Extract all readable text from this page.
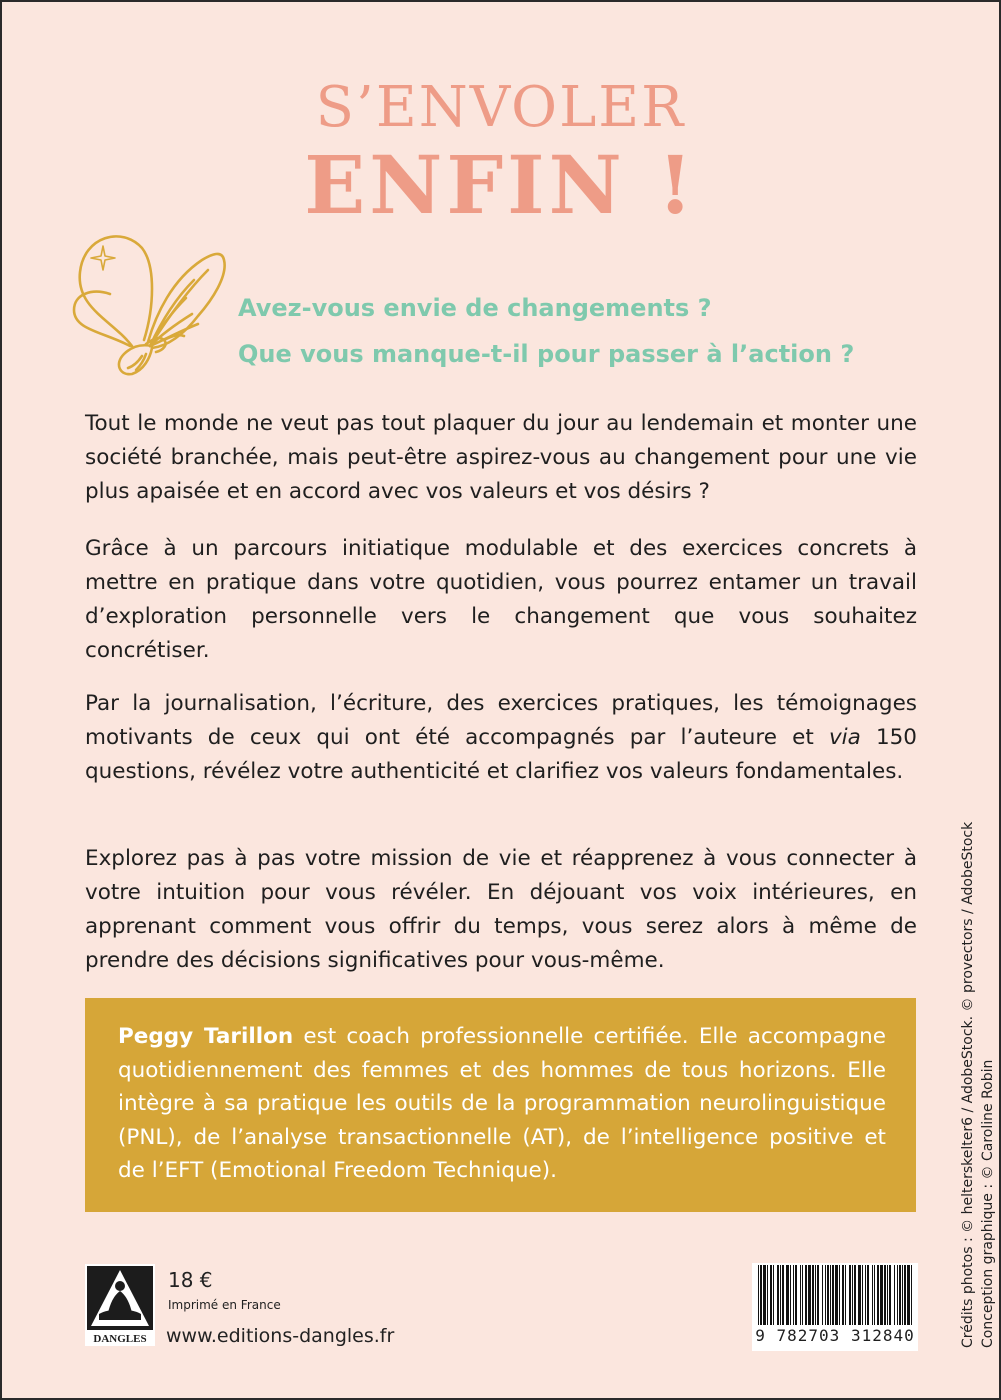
S’ENVOLER
ENFIN !
Avez-vous envie de changements ?
Que vous manque-t-il pour passer à l’action ?
Tout le monde ne veut pas tout plaquer du jour au lendemain et monter une société branchée, mais peut-être aspirez-vous au changement pour une vie plus apaisée et en accord avec vos valeurs et vos désirs ?
Grâce à un parcours initiatique modulable et des exercices concrets à mettre en pratique dans votre quotidien, vous pourrez entamer un travail d’exploration personnelle vers le changement que vous souhaitez concrétiser.
Par la journalisation, l’écriture, des exercices pratiques, les témoignages motivants de ceux qui ont été accompagnés par l’auteure et via 150 questions, révélez votre authenticité et clarifiez vos valeurs fondamentales.
Explorez pas à pas votre mission de vie et réapprenez à vous connecter à votre intuition pour vous révéler. En déjouant vos voix intérieures, en apprenant comment vous offrir du temps, vous serez alors à même de prendre des décisions significatives pour vous-même.
Peggy Tarillon est coach professionnelle certifiée. Elle accompagne quotidiennement des femmes et des hommes de tous horizons. Elle intègre à sa pratique les outils de la programmation neurolinguistique (PNL), de l’analyse transactionnelle (AT), de l’intelligence positive et de l’EFT (Emotional Freedom Technique).
DANGLES
18 €
Imprimé en France
www.editions-dangles.fr	9 782703 312840	Crédits photos : © helterskelter6 / AdobeStock. © provectors / AdobeStock Conception graphique : © Caroline Robin
